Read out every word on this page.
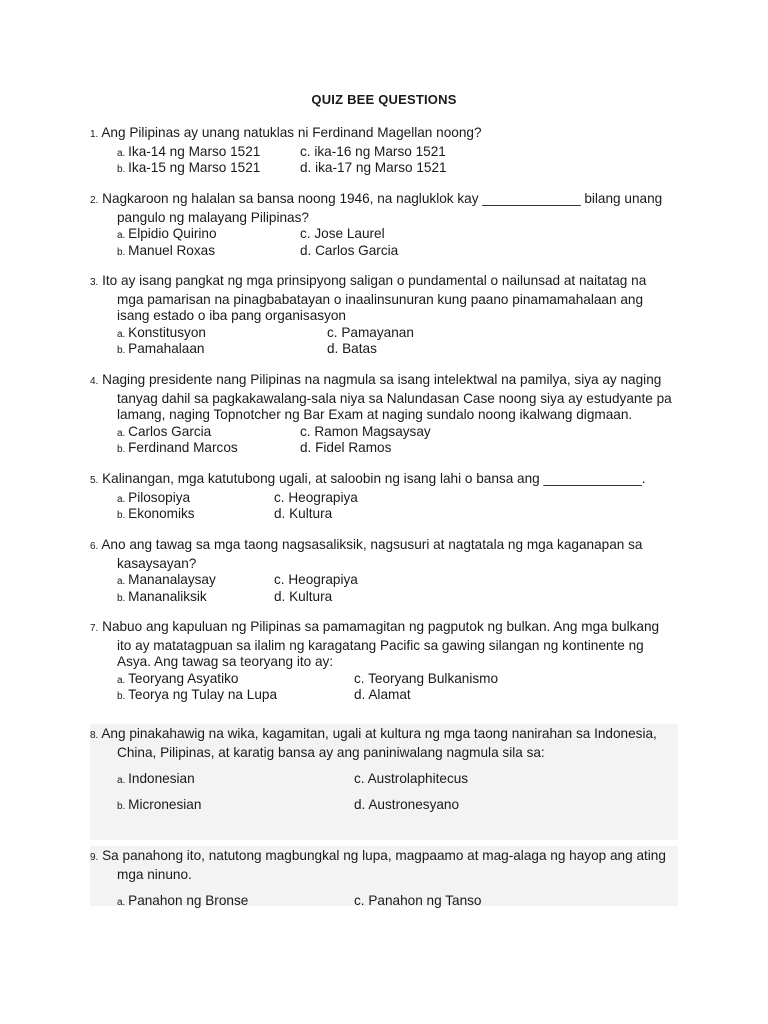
QUIZ BEE QUESTIONS
1. Ang Pilipinas ay unang natuklas ni Ferdinand Magellan noong?
a. Ika-14 ng Marso 1521	c. ika-16 ng Marso 1521
b. Ika-15 ng Marso 1521	d. ika-17 ng Marso 1521
2. Nagkaroon ng halalan sa bansa noong 1946, na nagluklok kay _____________ bilang unang
pangulo ng malayang Pilipinas?
a. Elpidio Quirino	c. Jose Laurel
b. Manuel Roxas	d. Carlos Garcia
3. Ito ay isang pangkat ng mga prinsipyong saligan o pundamental o nailunsad at naitatag na
mga pamarisan na pinagbabatayan o inaalinsunuran kung paano pinamamahalaan ang
isang estado o iba pang organisasyon
a. Konstitusyon	c. Pamayanan
b. Pamahalaan	d. Batas
4. Naging presidente nang Pilipinas na nagmula sa isang intelektwal na pamilya, siya ay naging
tanyag dahil sa pagkakawalang-sala niya sa Nalundasan Case noong siya ay estudyante pa
lamang, naging Topnotcher ng Bar Exam at naging sundalo noong ikalwang digmaan.
a. Carlos Garcia	c. Ramon Magsaysay
b. Ferdinand Marcos	d. Fidel Ramos
5. Kalinangan, mga katutubong ugali, at saloobin ng isang lahi o bansa ang _____________.
a. Pilosopiya	c. Heograpiya
b. Ekonomiks	d. Kultura
6. Ano ang tawag sa mga taong nagsasaliksik, nagsusuri at nagtatala ng mga kaganapan sa
kasaysayan?
a. Mananalaysay	c. Heograpiya
b. Mananaliksik	d. Kultura
7. Nabuo ang kapuluan ng Pilipinas sa pamamagitan ng pagputok ng bulkan. Ang mga bulkang
ito ay matatagpuan sa ilalim ng karagatang Pacific sa gawing silangan ng kontinente ng
Asya. Ang tawag sa teoryang ito ay:
a. Teoryang Asyatiko	c. Teoryang Bulkanismo
b. Teorya ng Tulay na Lupa	d. Alamat
8. Ang pinakahawig na wika, kagamitan, ugali at kultura ng mga taong nanirahan sa Indonesia,
China, Pilipinas, at karatig bansa ay ang paniniwalang nagmula sila sa:
a. Indonesian	c. Austrolaphitecus
b. Micronesian	d. Austronesyano
9. Sa panahong ito, natutong magbungkal ng lupa, magpaamo at mag-alaga ng hayop ang ating
mga ninuno.
a. Panahon ng Bronse	c. Panahon ng Tanso
